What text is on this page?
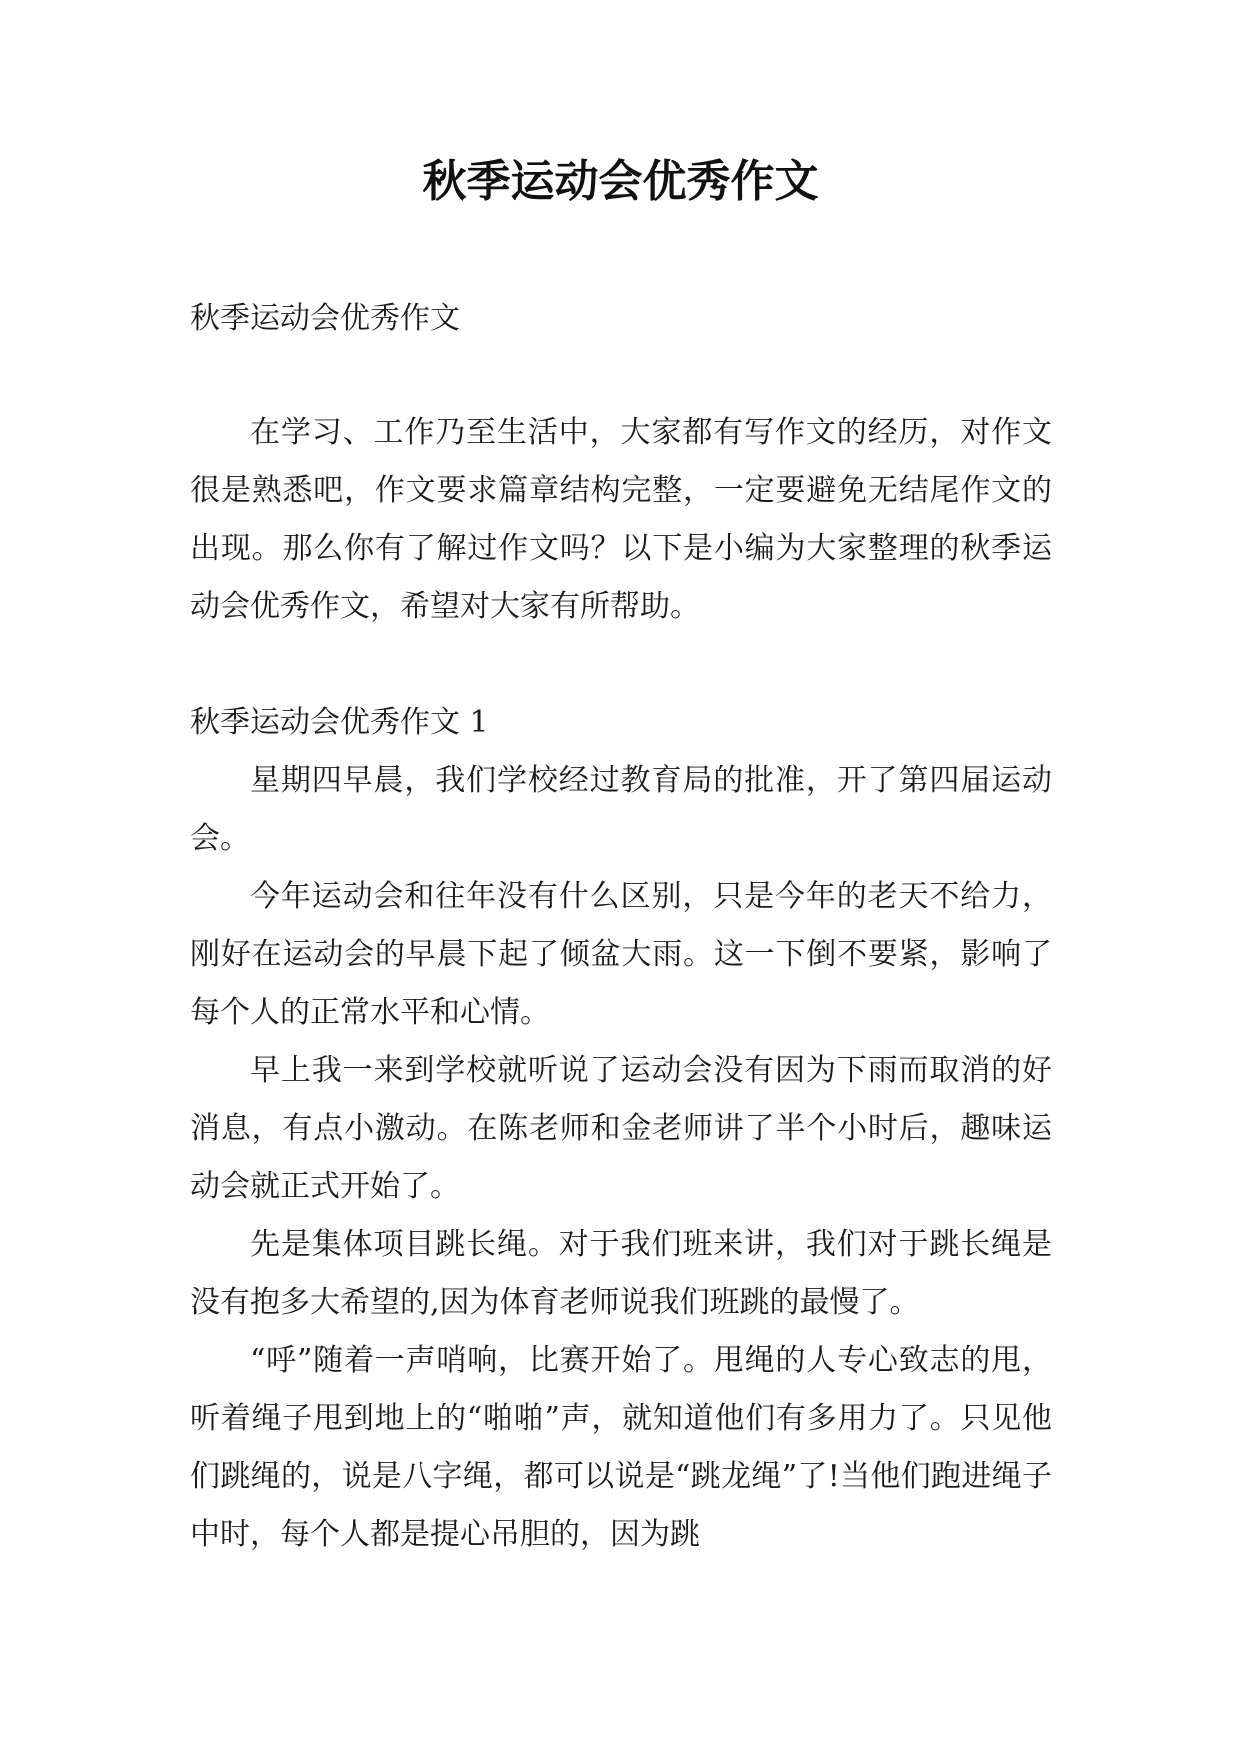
秋季运动会优秀作文

秋季运动会优秀作文

在学习、工作乃至生活中，大家都有写作文的经历，对作文很是熟悉吧，作文要求篇章结构完整，一定要避免无结尾作文的出现。那么你有了解过作文吗？以下是小编为大家整理的秋季运动会优秀作文，希望对大家有所帮助。

秋季运动会优秀作文 1

星期四早晨，我们学校经过教育局的批准，开了第四届运动会。

今年运动会和往年没有什么区别，只是今年的老天不给力，刚好在运动会的早晨下起了倾盆大雨。这一下倒不要紧，影响了每个人的正常水平和心情。

早上我一来到学校就听说了运动会没有因为下雨而取消的好消息，有点小激动。在陈老师和金老师讲了半个小时后，趣味运动会就正式开始了。

先是集体项目跳长绳。对于我们班来讲，我们对于跳长绳是没有抱多大希望的,因为体育老师说我们班跳的最慢了。

“呼”随着一声哨响，比赛开始了。甩绳的人专心致志的甩，听着绳子甩到地上的“啪啪”声，就知道他们有多用力了。只见他们跳绳的，说是八字绳，都可以说是“跳龙绳”了!当他们跑进绳子中时，每个人都是提心吊胆的，因为跳
